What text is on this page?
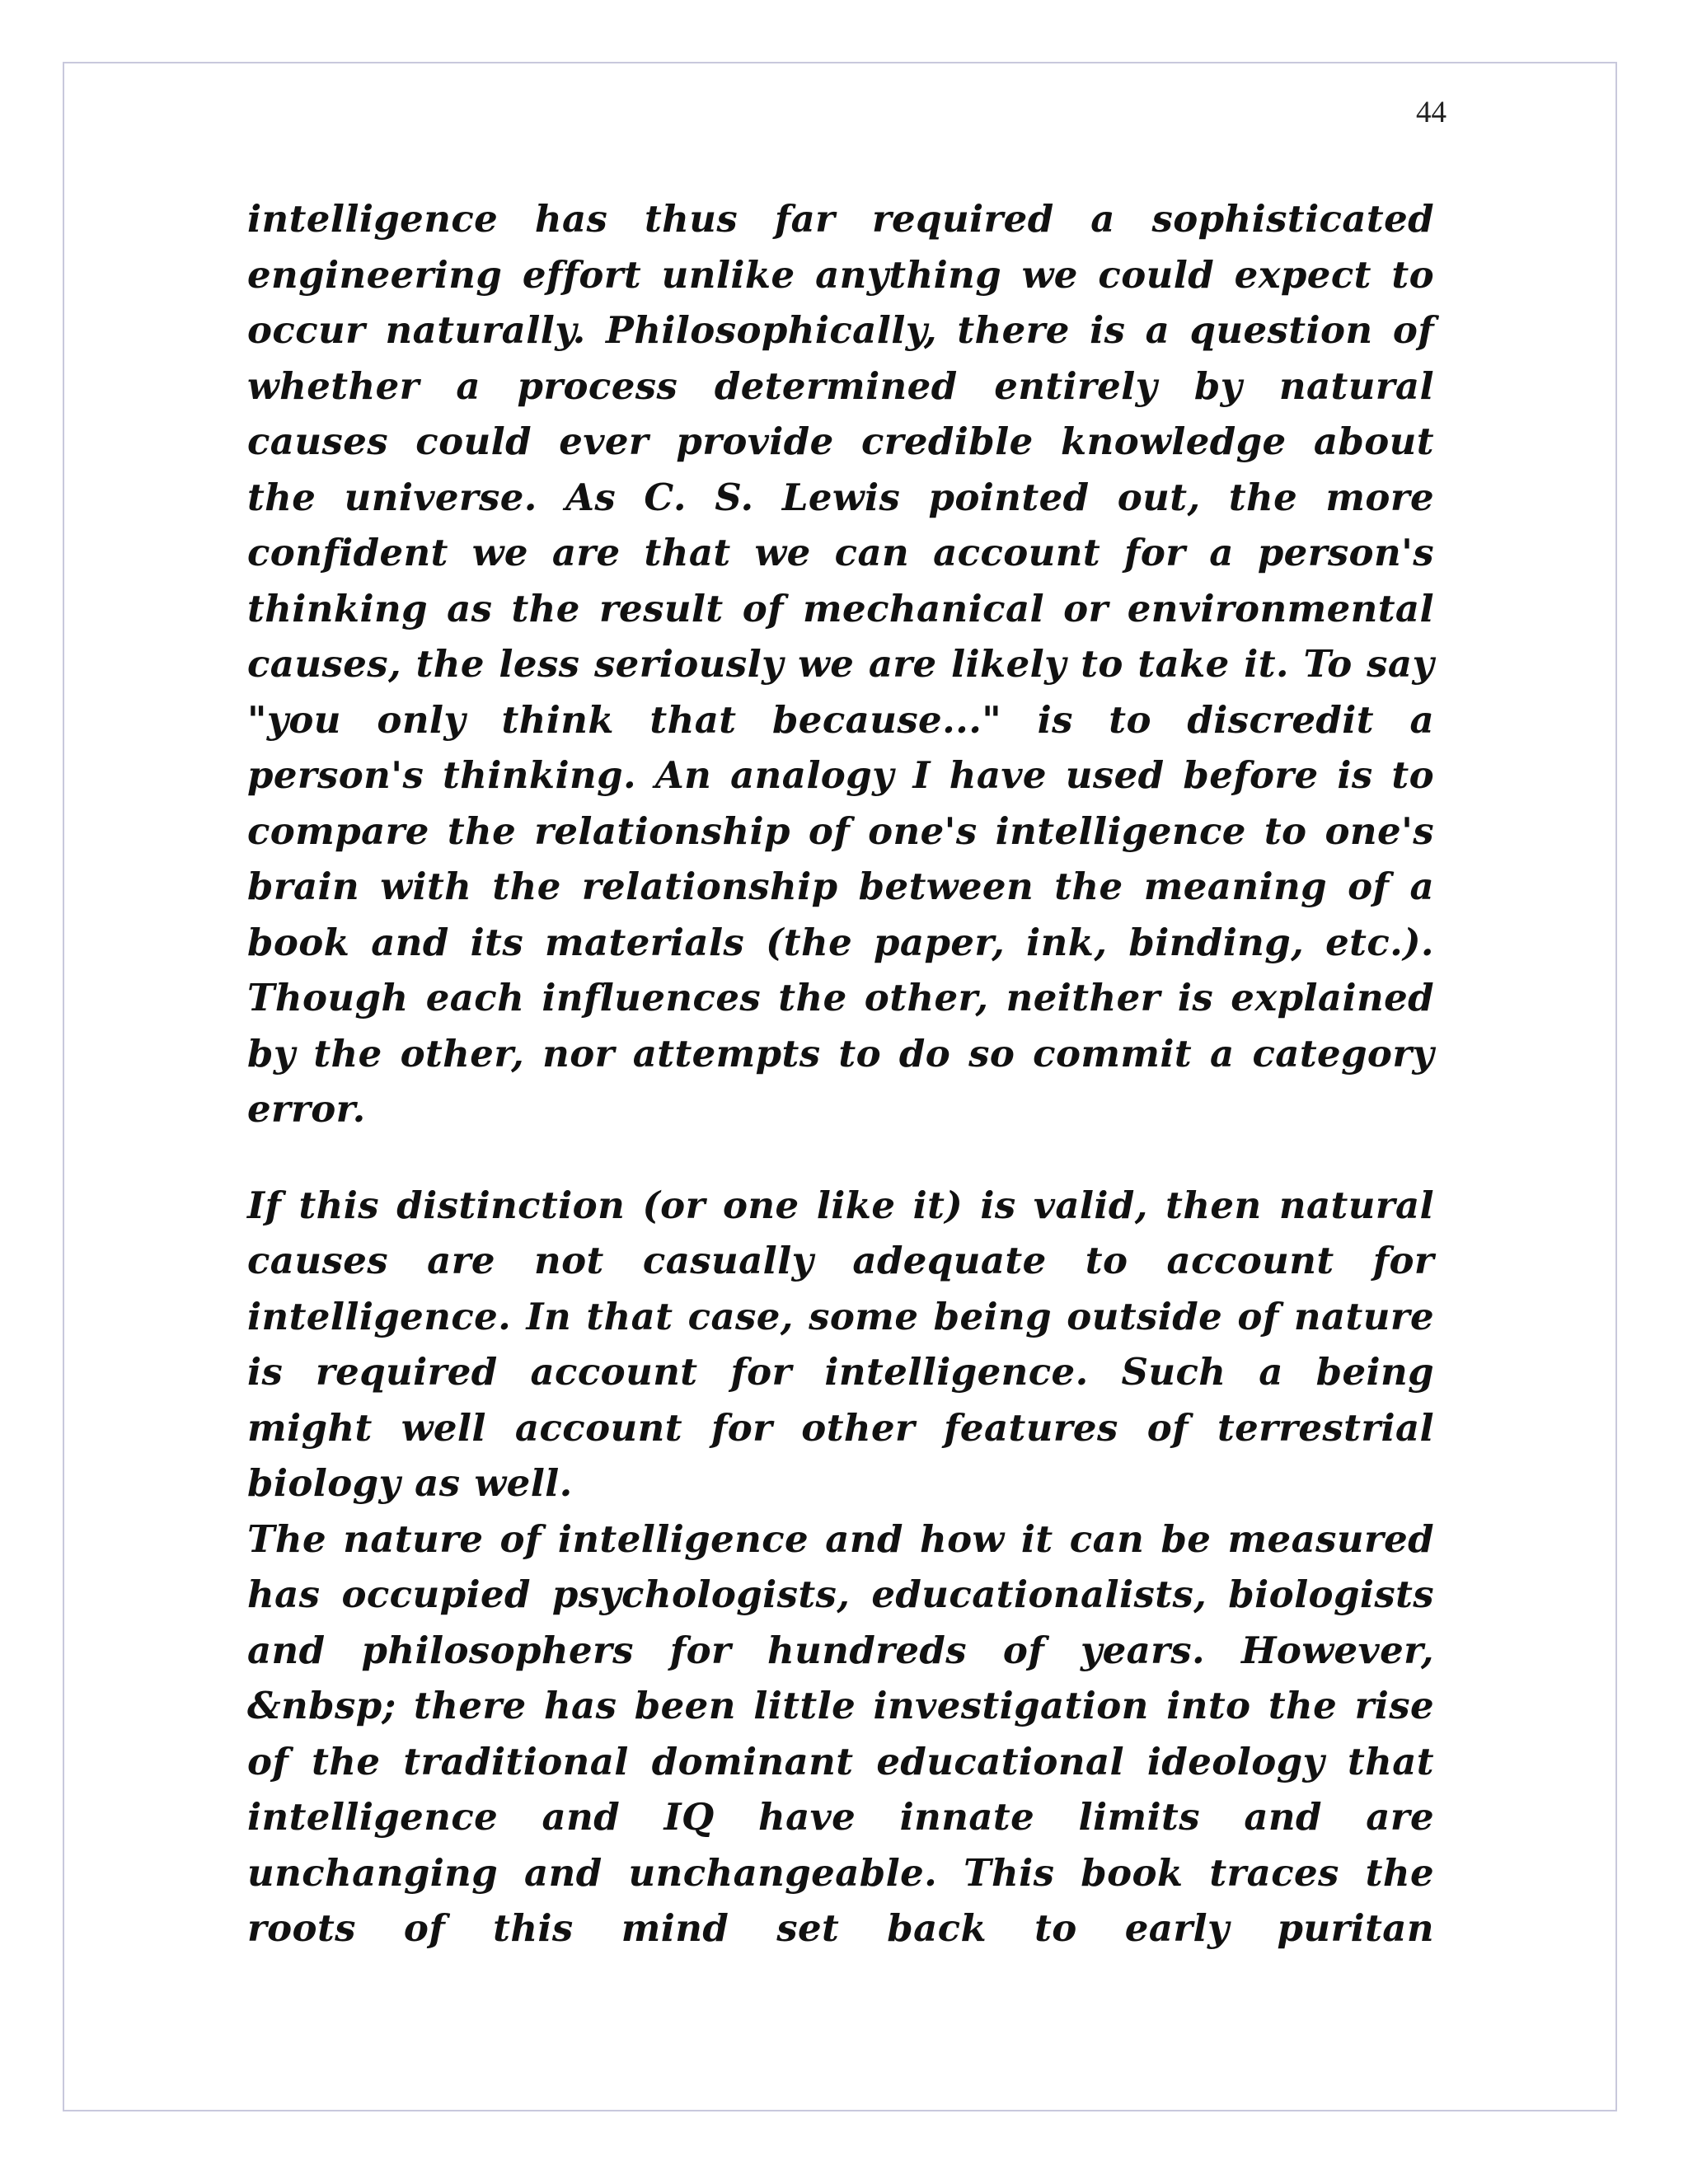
44

intelligence has thus far required a sophisticated engineering effort unlike anything we could expect to occur naturally. Philosophically, there is a question of whether a process determined entirely by natural causes could ever provide credible knowledge about the universe. As C. S. Lewis pointed out, the more confident we are that we can account for a person's thinking as the result of mechanical or environmental causes, the less seriously we are likely to take it. To say "you only think that because..." is to discredit a person's thinking. An analogy I have used before is to compare the relationship of one's intelligence to one's brain with the relationship between the meaning of a book and its materials (the paper, ink, binding, etc.). Though each influences the other, neither is explained by the other, nor attempts to do so commit a category error.

If this distinction (or one like it) is valid, then natural causes are not casually adequate to account for intelligence. In that case, some being outside of nature is required account for intelligence. Such a being might well account for other features of terrestrial biology as well.

The nature of intelligence and how it can be measured has occupied psychologists, educationalists, biologists and philosophers for hundreds of years. However, &nbsp; there has been little investigation into the rise of the traditional dominant educational ideology that intelligence and IQ have innate limits and are unchanging and unchangeable. This book traces the roots of this mind set back to early puritan
